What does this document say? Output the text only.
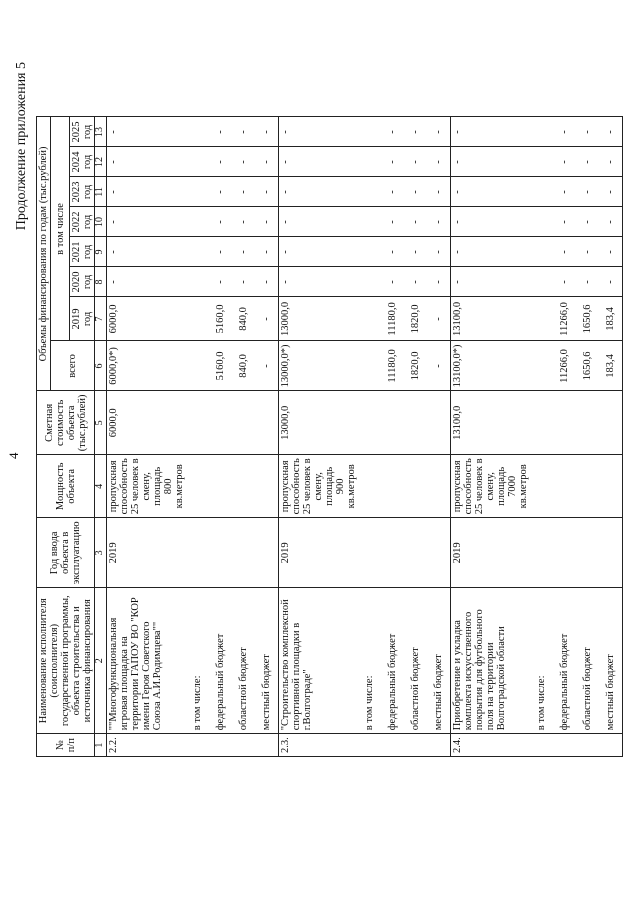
4
Продолжение приложения 5
№ п/п	Наименование исполнителя (соисполнителя) государственной программы, объекта строительства и источника финансирования	Год ввода объекта в эксплуатацию	Мощность объекта	Сметная стоимость объекта (тыс.рублей)	Объемы финансирования по годам (тыс.рублей)							
					всего	в том числе						
						2019 год	2020 год	2021 год	2022 год	2023 год	2024 год	2025 год
1	2	3	4	5	6	7	8	9	10	11	12	13
2.2.	""Многофункциональная игровая площадка на территории ГАПОУ ВО "КОР имени Героя Советского Союза А.И.Родимцева""	2019	пропускная способность 25 человек в смену, площадь 800 кв.метров	6000,0	6000,0*)	6000,0	-	-	-	-	-	-
	в том числе:											
	федеральный бюджет				5160,0	5160,0	-	-	-	-	-	-
	областной бюджет				840,0	840,0	-	-	-	-	-	-
	местный бюджет				-	-	-	-	-	-	-	-
2.3.	"Строительство комплексной спортивной площадки в г.Волгограде"	2019	пропускная способность 25 человек в смену, площадь 900 кв.метров	13000,0	13000,0*)	13000,0	-	-	-	-	-	-
	в том числе:											
	федеральный бюджет				11180,0	11180,0	-	-	-	-	-	-
	областной бюджет				1820,0	1820,0	-	-	-	-	-	-
	местный бюджет				-	-	-	-	-	-	-	-
2.4.	Приобретение и укладка комплекта искусственного покрытия для футбольного поля на территории Волгоградской области	2019	пропускная способность 25 человек в смену, площадь 7000 кв.метров	13100,0	13100,0*)	13100,0	-	-	-	-	-	-
	в том числе:											
	федеральный бюджет				11266,0	11266,0	-	-	-	-	-	-
	областной бюджет				1650,6	1650,6	-	-	-	-	-	-
	местный бюджет				183,4	183,4	-	-	-	-	-	-
